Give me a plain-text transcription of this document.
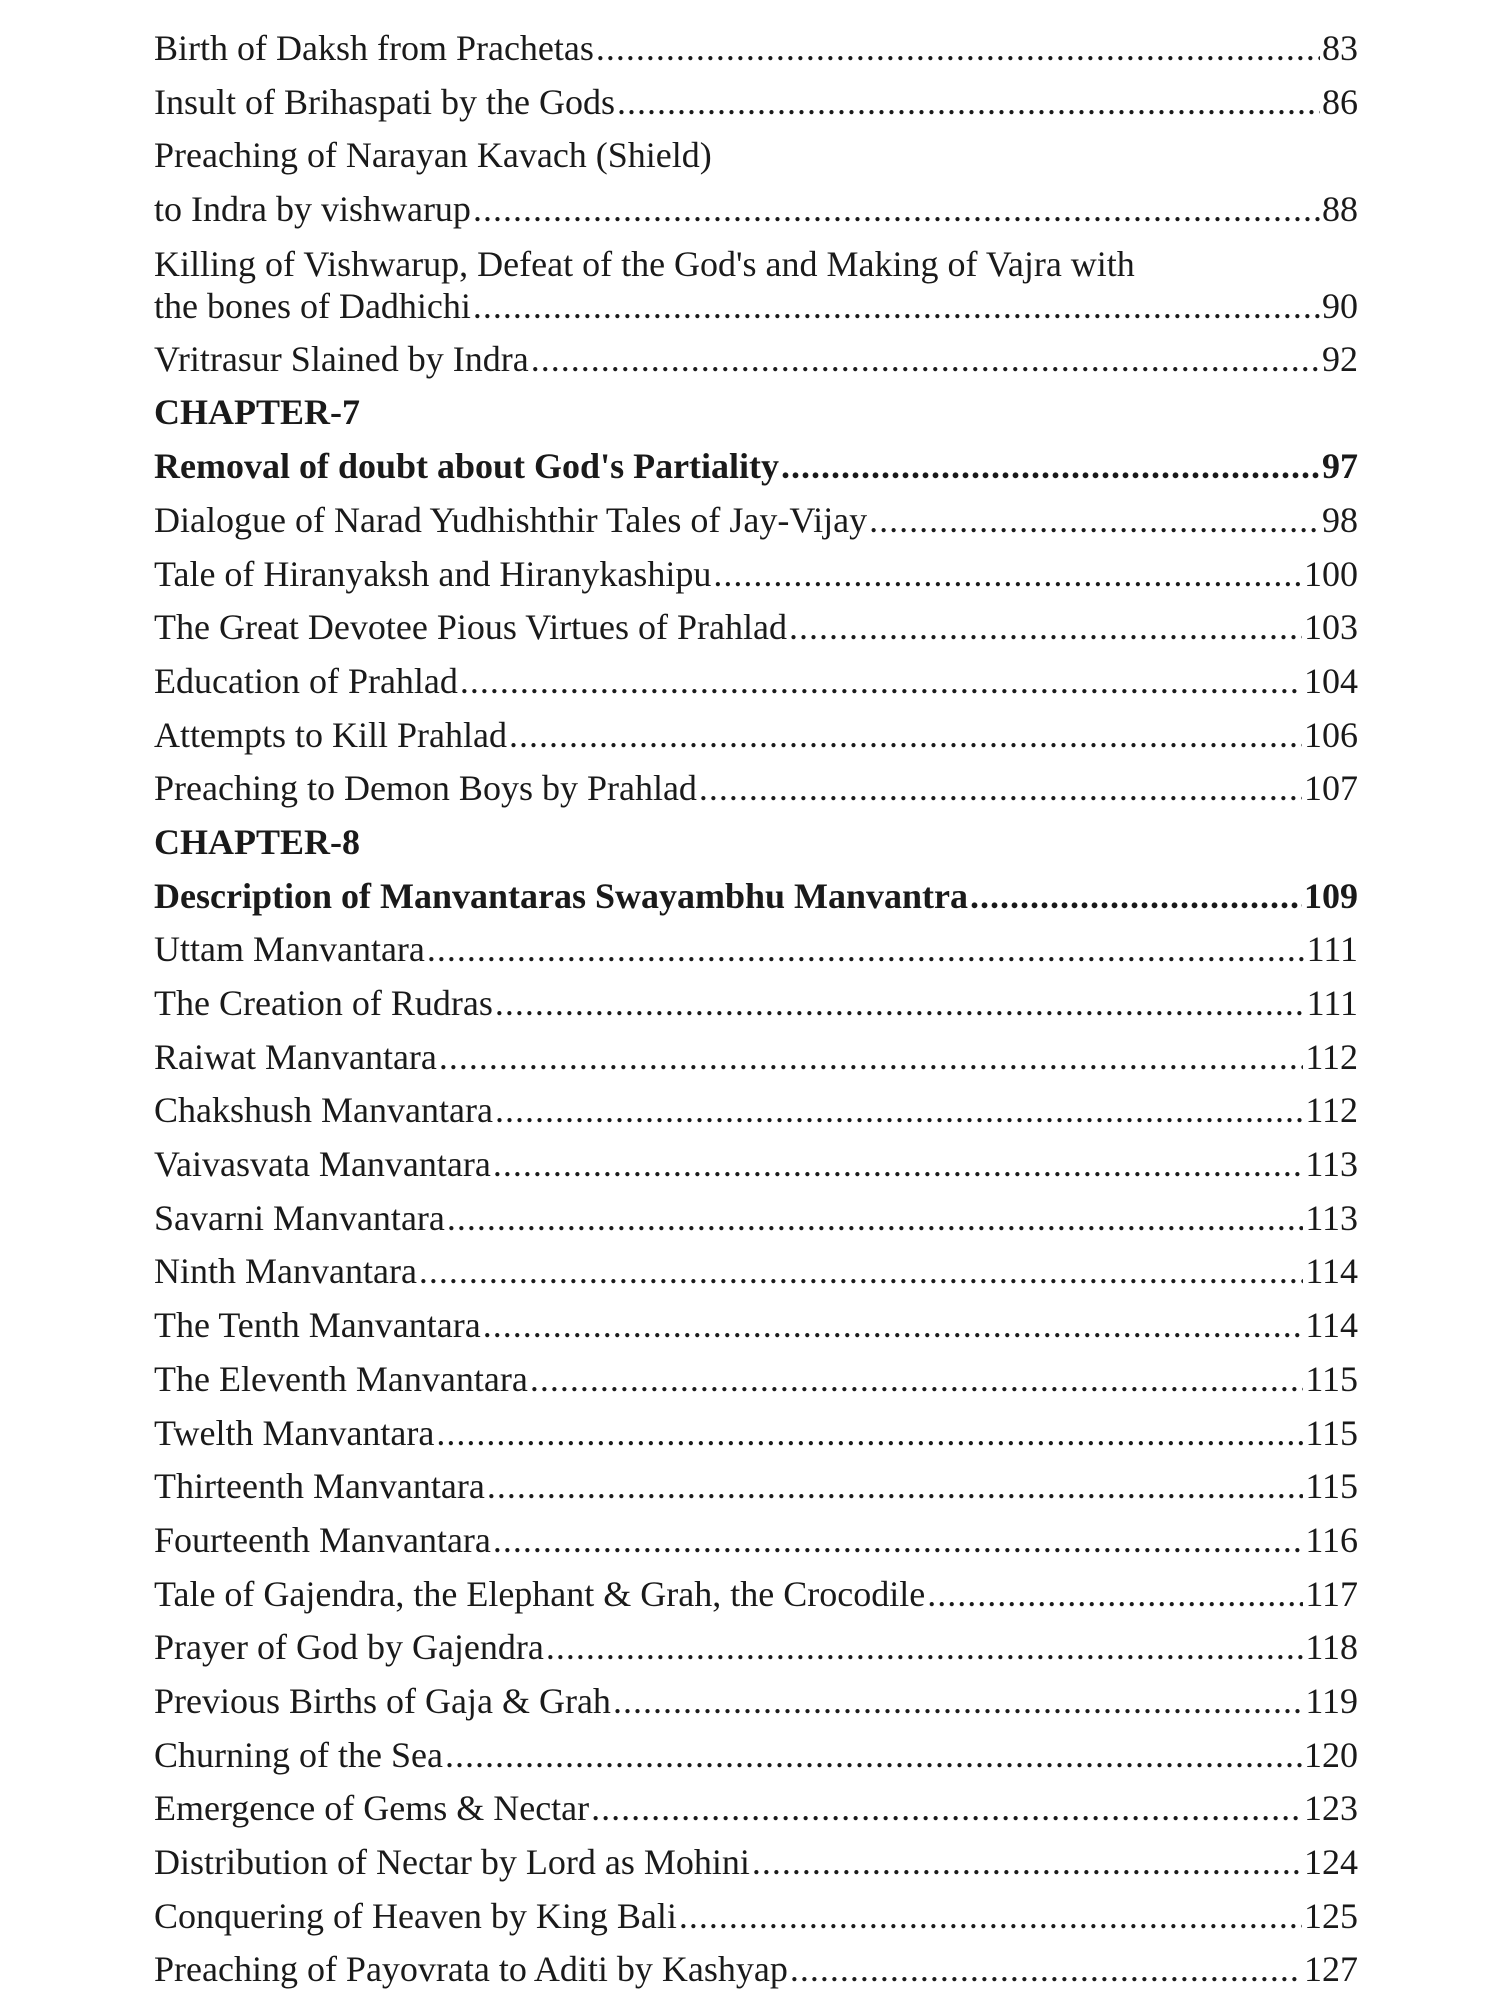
Birth of Daksh from Prachetas .....	83
Insult of Brihaspati by the Gods .....	86
Preaching of Narayan Kavach (Shield)
to Indra by vishwarup .....	88
Killing of Vishwarup, Defeat of the God's and Making of Vajra with
the bones of Dadhichi .....	90
Vritrasur Slained by Indra .....	92
CHAPTER-7
Removal of doubt about God's Partiality .....	97
Dialogue of Narad Yudhishthir Tales of Jay-Vijay .....	98
Tale of Hiranyaksh and Hiranykashipu .....	100
The Great Devotee Pious Virtues of Prahlad .....	103
Education of Prahlad .....	104
Attempts to Kill Prahlad .....	106
Preaching to Demon Boys by Prahlad .....	107
CHAPTER-8
Description of Manvantaras Swayambhu Manvantra .....	109
Uttam Manvantara .....	111
The Creation of Rudras .....	111
Raiwat Manvantara .....	112
Chakshush Manvantara .....	112
Vaivasvata Manvantara .....	113
Savarni Manvantara .....	113
Ninth Manvantara .....	114
The Tenth Manvantara .....	114
The Eleventh Manvantara .....	115
Twelth Manvantara .....	115
Thirteenth Manvantara .....	115
Fourteenth Manvantara .....	116
Tale of Gajendra, the Elephant & Grah, the Crocodile .....	117
Prayer of God by Gajendra .....	118
Previous Births of Gaja & Grah .....	119
Churning of the Sea .....	120
Emergence of Gems & Nectar .....	123
Distribution of Nectar by Lord as Mohini .....	124
Conquering of Heaven by King Bali .....	125
Preaching of Payovrata to Aditi by Kashyap .....	127
